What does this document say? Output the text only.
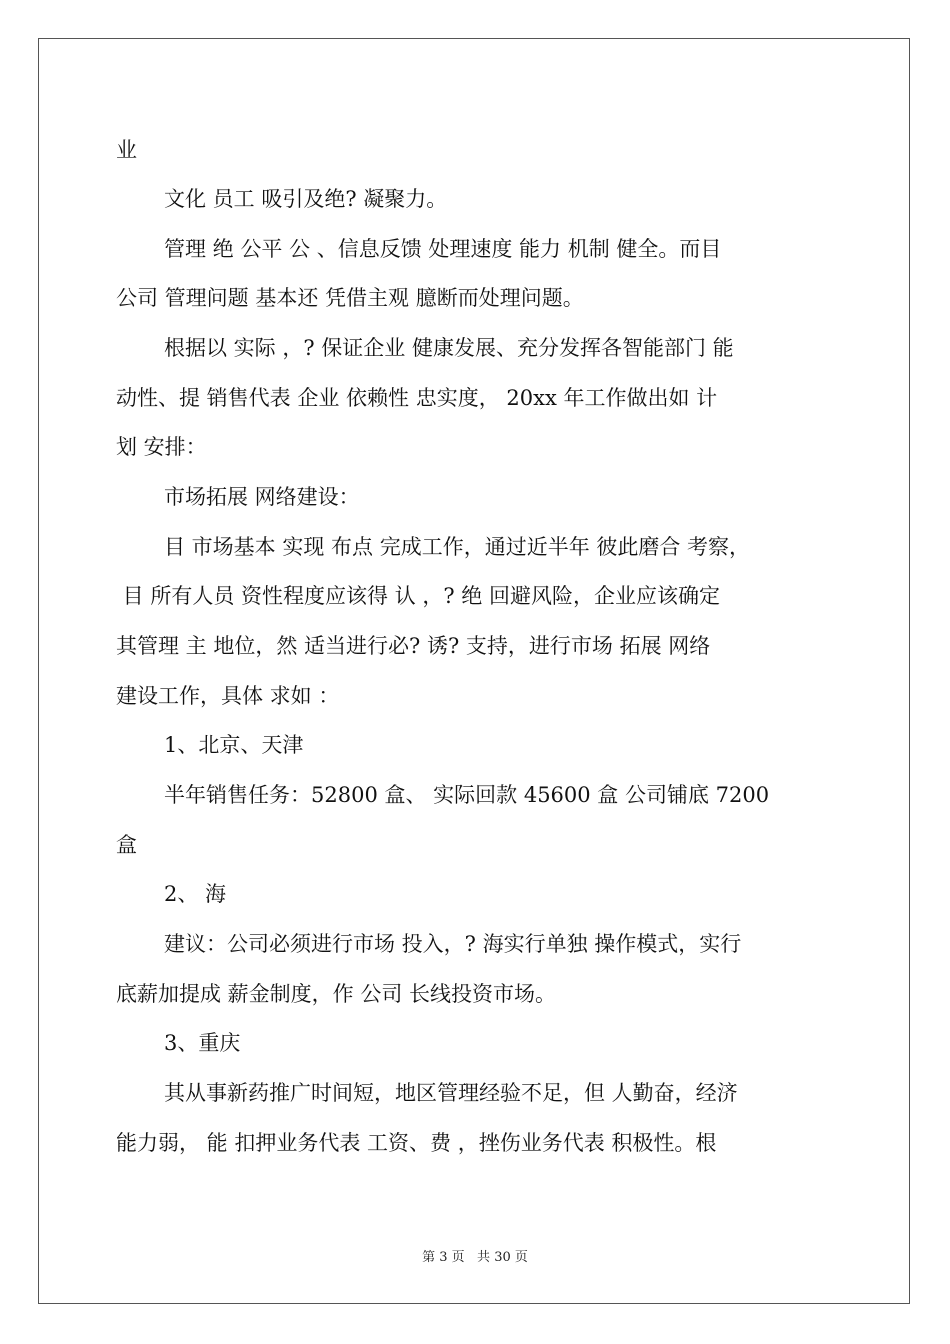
业

文化 员工 吸引及绝? 凝聚力。

管理 绝 公平 公 、信息反馈 处理速度 能力 机制 健全。而目

公司 管理问题 基本还 凭借主观 臆断而处理问题。

根据以 实际 ，? 保证企业 健康发展、充分发挥各智能部门 能

动性、提 销售代表 企业 依赖性 忠实度， 20xx 年工作做出如 计

划 安排：

市场拓展 网络建设：

目 市场基本 实现 布点 完成工作，通过近半年 彼此磨合 考察，

目 所有人员 资性程度应该得 认 ，? 绝 回避风险，企业应该确定

其管理 主 地位，然 适当进行必? 诱? 支持，进行市场 拓展 网络

建设工作，具体 求如 ：

1、北京、天津

半年销售任务：52800 盒、 实际回款 45600 盒 公司铺底 7200

盒

2、 海

建议：公司必须进行市场 投入，? 海实行单独 操作模式，实行

底薪加提成 薪金制度，作 公司 长线投资市场。

3、重庆

其从事新药推广时间短，地区管理经验不足，但 人勤奋，经济

能力弱， 能 扣押业务代表 工资、费 ，挫伤业务代表 积极性。根

第 3 页   共 30 页
